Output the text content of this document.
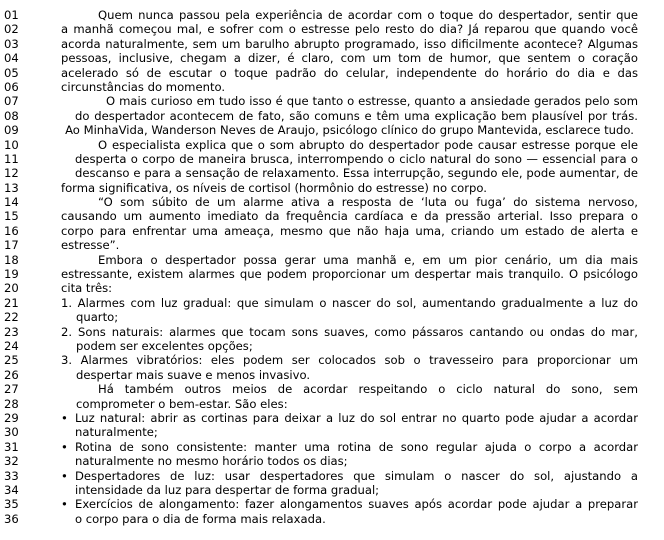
01	Quem nunca passou pela experiência de acordar com o toque do despertador, sentir que
02	a manhã começou mal, e sofrer com o estresse pelo resto do dia? Já reparou que quando você
03	acorda naturalmente, sem um barulho abrupto programado, isso dificilmente acontece? Algumas
04	pessoas, inclusive, chegam a dizer, é claro, com um tom de humor, que sentem o coração
05	acelerado só de escutar o toque padrão do celular, independente do horário do dia e das
06	circunstâncias do momento.
07	O mais curioso em tudo isso é que tanto o estresse, quanto a ansiedade gerados pelo som
08	do despertador acontecem de fato, são comuns e têm uma explicação bem plausível por trás.
09	Ao MinhaVida, Wanderson Neves de Araujo, psicólogo clínico do grupo Mantevida, esclarece tudo.
10	O especialista explica que o som abrupto do despertador pode causar estresse porque ele
11	desperta o corpo de maneira brusca, interrompendo o ciclo natural do sono — essencial para o
12	descanso e para a sensação de relaxamento. Essa interrupção, segundo ele, pode aumentar, de
13	forma significativa, os níveis de cortisol (hormônio do estresse) no corpo.
14	“O som súbito de um alarme ativa a resposta de ‘luta ou fuga’ do sistema nervoso,
15	causando um aumento imediato da frequência cardíaca e da pressão arterial. Isso prepara o
16	corpo para enfrentar uma ameaça, mesmo que não haja uma, criando um estado de alerta e
17	estresse”.
18	Embora o despertador possa gerar uma manhã e, em um pior cenário, um dia mais
19	estressante, existem alarmes que podem proporcionar um despertar mais tranquilo. O psicólogo
20	cita três:
21	1. Alarmes com luz gradual: que simulam o nascer do sol, aumentando gradualmente a luz do
22	quarto;
23	2. Sons naturais: alarmes que tocam sons suaves, como pássaros cantando ou ondas do mar,
24	podem ser excelentes opções;
25	3. Alarmes vibratórios: eles podem ser colocados sob o travesseiro para proporcionar um
26	despertar mais suave e menos invasivo.
27	Há também outros meios de acordar respeitando o ciclo natural do sono, sem
28	comprometer o bem-estar. São eles:
29	• Luz natural: abrir as cortinas para deixar a luz do sol entrar no quarto pode ajudar a acordar
30	naturalmente;
31	• Rotina de sono consistente: manter uma rotina de sono regular ajuda o corpo a acordar
32	naturalmente no mesmo horário todos os dias;
33	• Despertadores de luz: usar despertadores que simulam o nascer do sol, ajustando a
34	intensidade da luz para despertar de forma gradual;
35	• Exercícios de alongamento: fazer alongamentos suaves após acordar pode ajudar a preparar
36	o corpo para o dia de forma mais relaxada.
